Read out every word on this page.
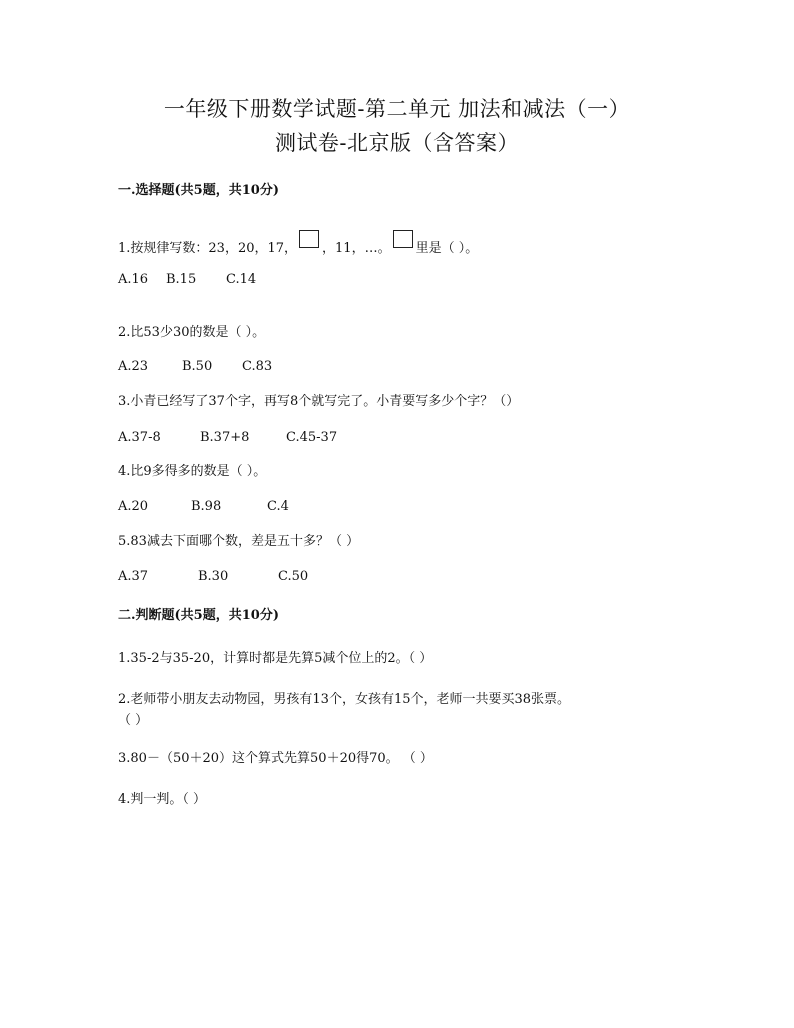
一年级下册数学试题-第二单元 加法和减法（一）
测试卷-北京版（含答案）
一.选择题(共5题，共10分)
1.按规律写数：23，20，17， ，11，…。 里是（ ）。
A.16 B.15 C.14
2.比53少30的数是（ ）。
A.23	B.50 C.83
3.小青已经写了37个字，再写8个就写完了。小青要写多少个字？（）
A.37-8	B.37+8	C.45-37
4.比9多得多的数是（ ）。
A.20	B.98	C.4
5.83减去下面哪个数，差是五十多？（ ）
A.37	B.30	C.50
二.判断题(共5题，共10分)
1.35-2与35-20，计算时都是先算5减个位上的2。（ ）
2.老师带小朋友去动物园，男孩有13个，女孩有15个，老师一共要买38张票。
（ ）
3.80－（50＋20）这个算式先算50＋20得70。 （ ）
4.判一判。（ ）
